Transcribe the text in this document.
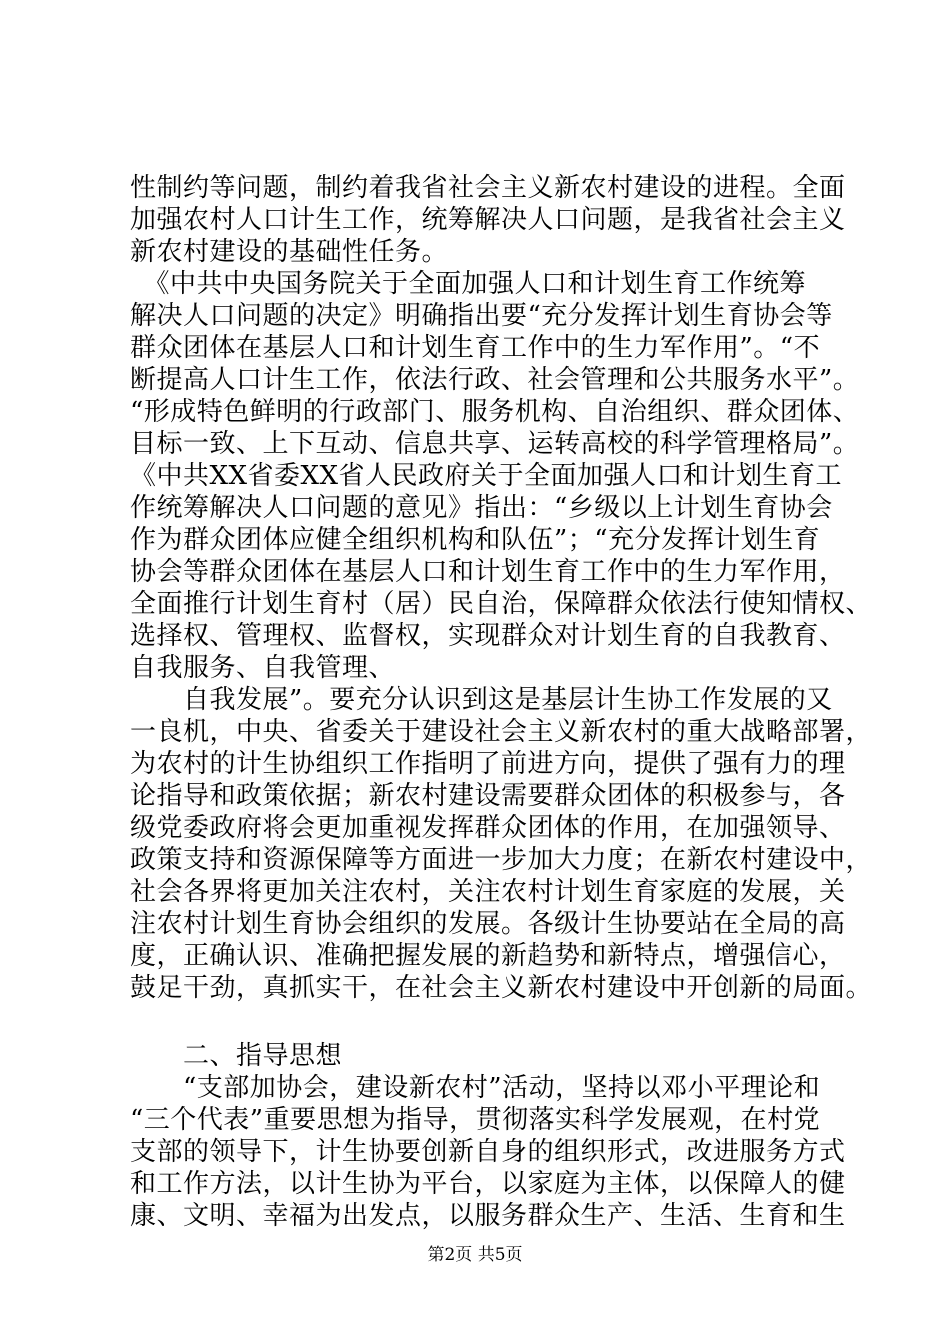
性制约等问题，制约着我省社会主义新农村建设的进程。全面
加强农村人口计生工作，统筹解决人口问题，是我省社会主义
新农村建设的基础性任务。
　《中共中央国务院关于全面加强人口和计划生育工作统筹
解决人口问题的决定》明确指出要“充分发挥计划生育协会等
群众团体在基层人口和计划生育工作中的生力军作用”。“不
断提高人口计生工作，依法行政、社会管理和公共服务水平”。
“形成特色鲜明的行政部门、服务机构、自治组织、群众团体、
目标一致、上下互动、信息共享、运转高校的科学管理格局”。
《中共XX省委XX省人民政府关于全面加强人口和计划生育工
作统筹解决人口问题的意见》指出：“乡级以上计划生育协会
作为群众团体应健全组织机构和队伍”；“充分发挥计划生育
协会等群众团体在基层人口和计划生育工作中的生力军作用，
全面推行计划生育村（居）民自治，保障群众依法行使知情权、
选择权、管理权、监督权，实现群众对计划生育的自我教育、
自我服务、自我管理、
　　自我发展”。要充分认识到这是基层计生协工作发展的又
一良机，中央、省委关于建设社会主义新农村的重大战略部署，
为农村的计生协组织工作指明了前进方向，提供了强有力的理
论指导和政策依据；新农村建设需要群众团体的积极参与，各
级党委政府将会更加重视发挥群众团体的作用，在加强领导、
政策支持和资源保障等方面进一步加大力度；在新农村建设中，
社会各界将更加关注农村，关注农村计划生育家庭的发展，关
注农村计划生育协会组织的发展。各级计生协要站在全局的高
度，正确认识、准确把握发展的新趋势和新特点，增强信心，
鼓足干劲，真抓实干，在社会主义新农村建设中开创新的局面。
　　二、指导思想
　　“支部加协会，建设新农村”活动，坚持以邓小平理论和
“三个代表”重要思想为指导，贯彻落实科学发展观，在村党
支部的领导下，计生协要创新自身的组织形式，改进服务方式
和工作方法，以计生协为平台，以家庭为主体，以保障人的健
康、文明、幸福为出发点，以服务群众生产、生活、生育和生
第2页 共5页
